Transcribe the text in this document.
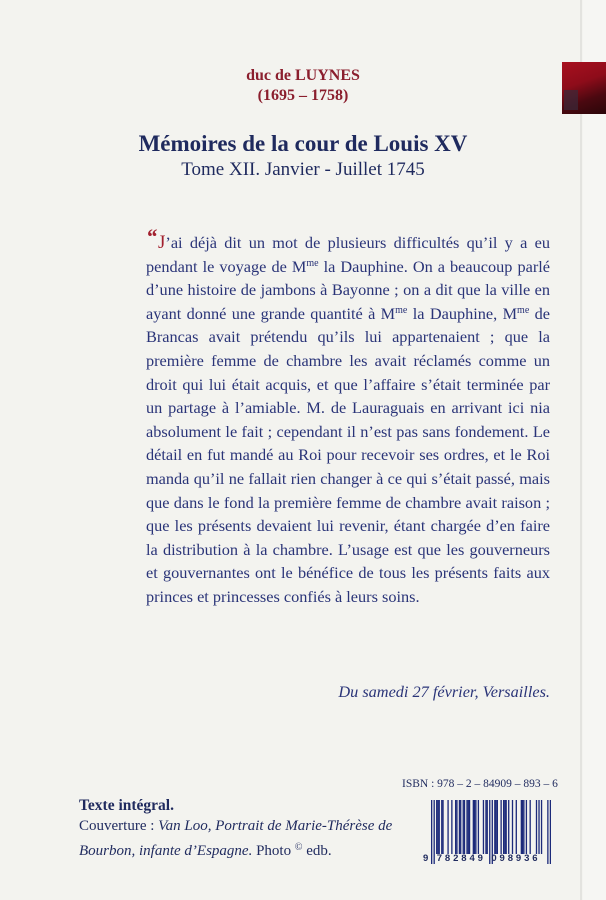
duc de LUYNES
(1695 – 1758)
Mémoires de la cour de Louis XV
Tome XII. Janvier - Juillet 1745
“J’ai déjà dit un mot de plusieurs difficultés qu’il y a eu pendant le voyage de $M^{me}$ la Dauphine. On a beaucoup parlé d’une histoire de jambons à Bayonne ; on a dit que la ville en ayant donné une grande quantité à $M^{me}$ la Dauphine, $M^{me}$ de Brancas avait prétendu qu’ils lui appartenaient ; que la première femme de chambre les avait réclamés comme un droit qui lui était acquis, et que l’affaire s’était terminée par un partage à l’amiable. M. de Lauraguais en arrivant ici nia absolument le fait ; cependant il n’est pas sans fondement. Le détail en fut mandé au Roi pour recevoir ses ordres, et le Roi manda qu’il ne fallait rien changer à ce qui s’était passé, mais que dans le fond la première femme de chambre avait raison ; que les présents devaient lui revenir, étant chargée d’en faire la distribution à la chambre. L’usage est que les gouverneurs et gouvernantes ont le bénéfice de tous les présents faits aux princes et princesses confiés à leurs soins.
Du samedi 27 février, Versailles.
Texte intégral.
Couverture : Van Loo, Portrait de Marie-Thérèse de Bourbon, infante d’Espagne. Photo © edb.
ISBN : 978 – 2 – 84909 – 893 – 6
9 782849 098936
